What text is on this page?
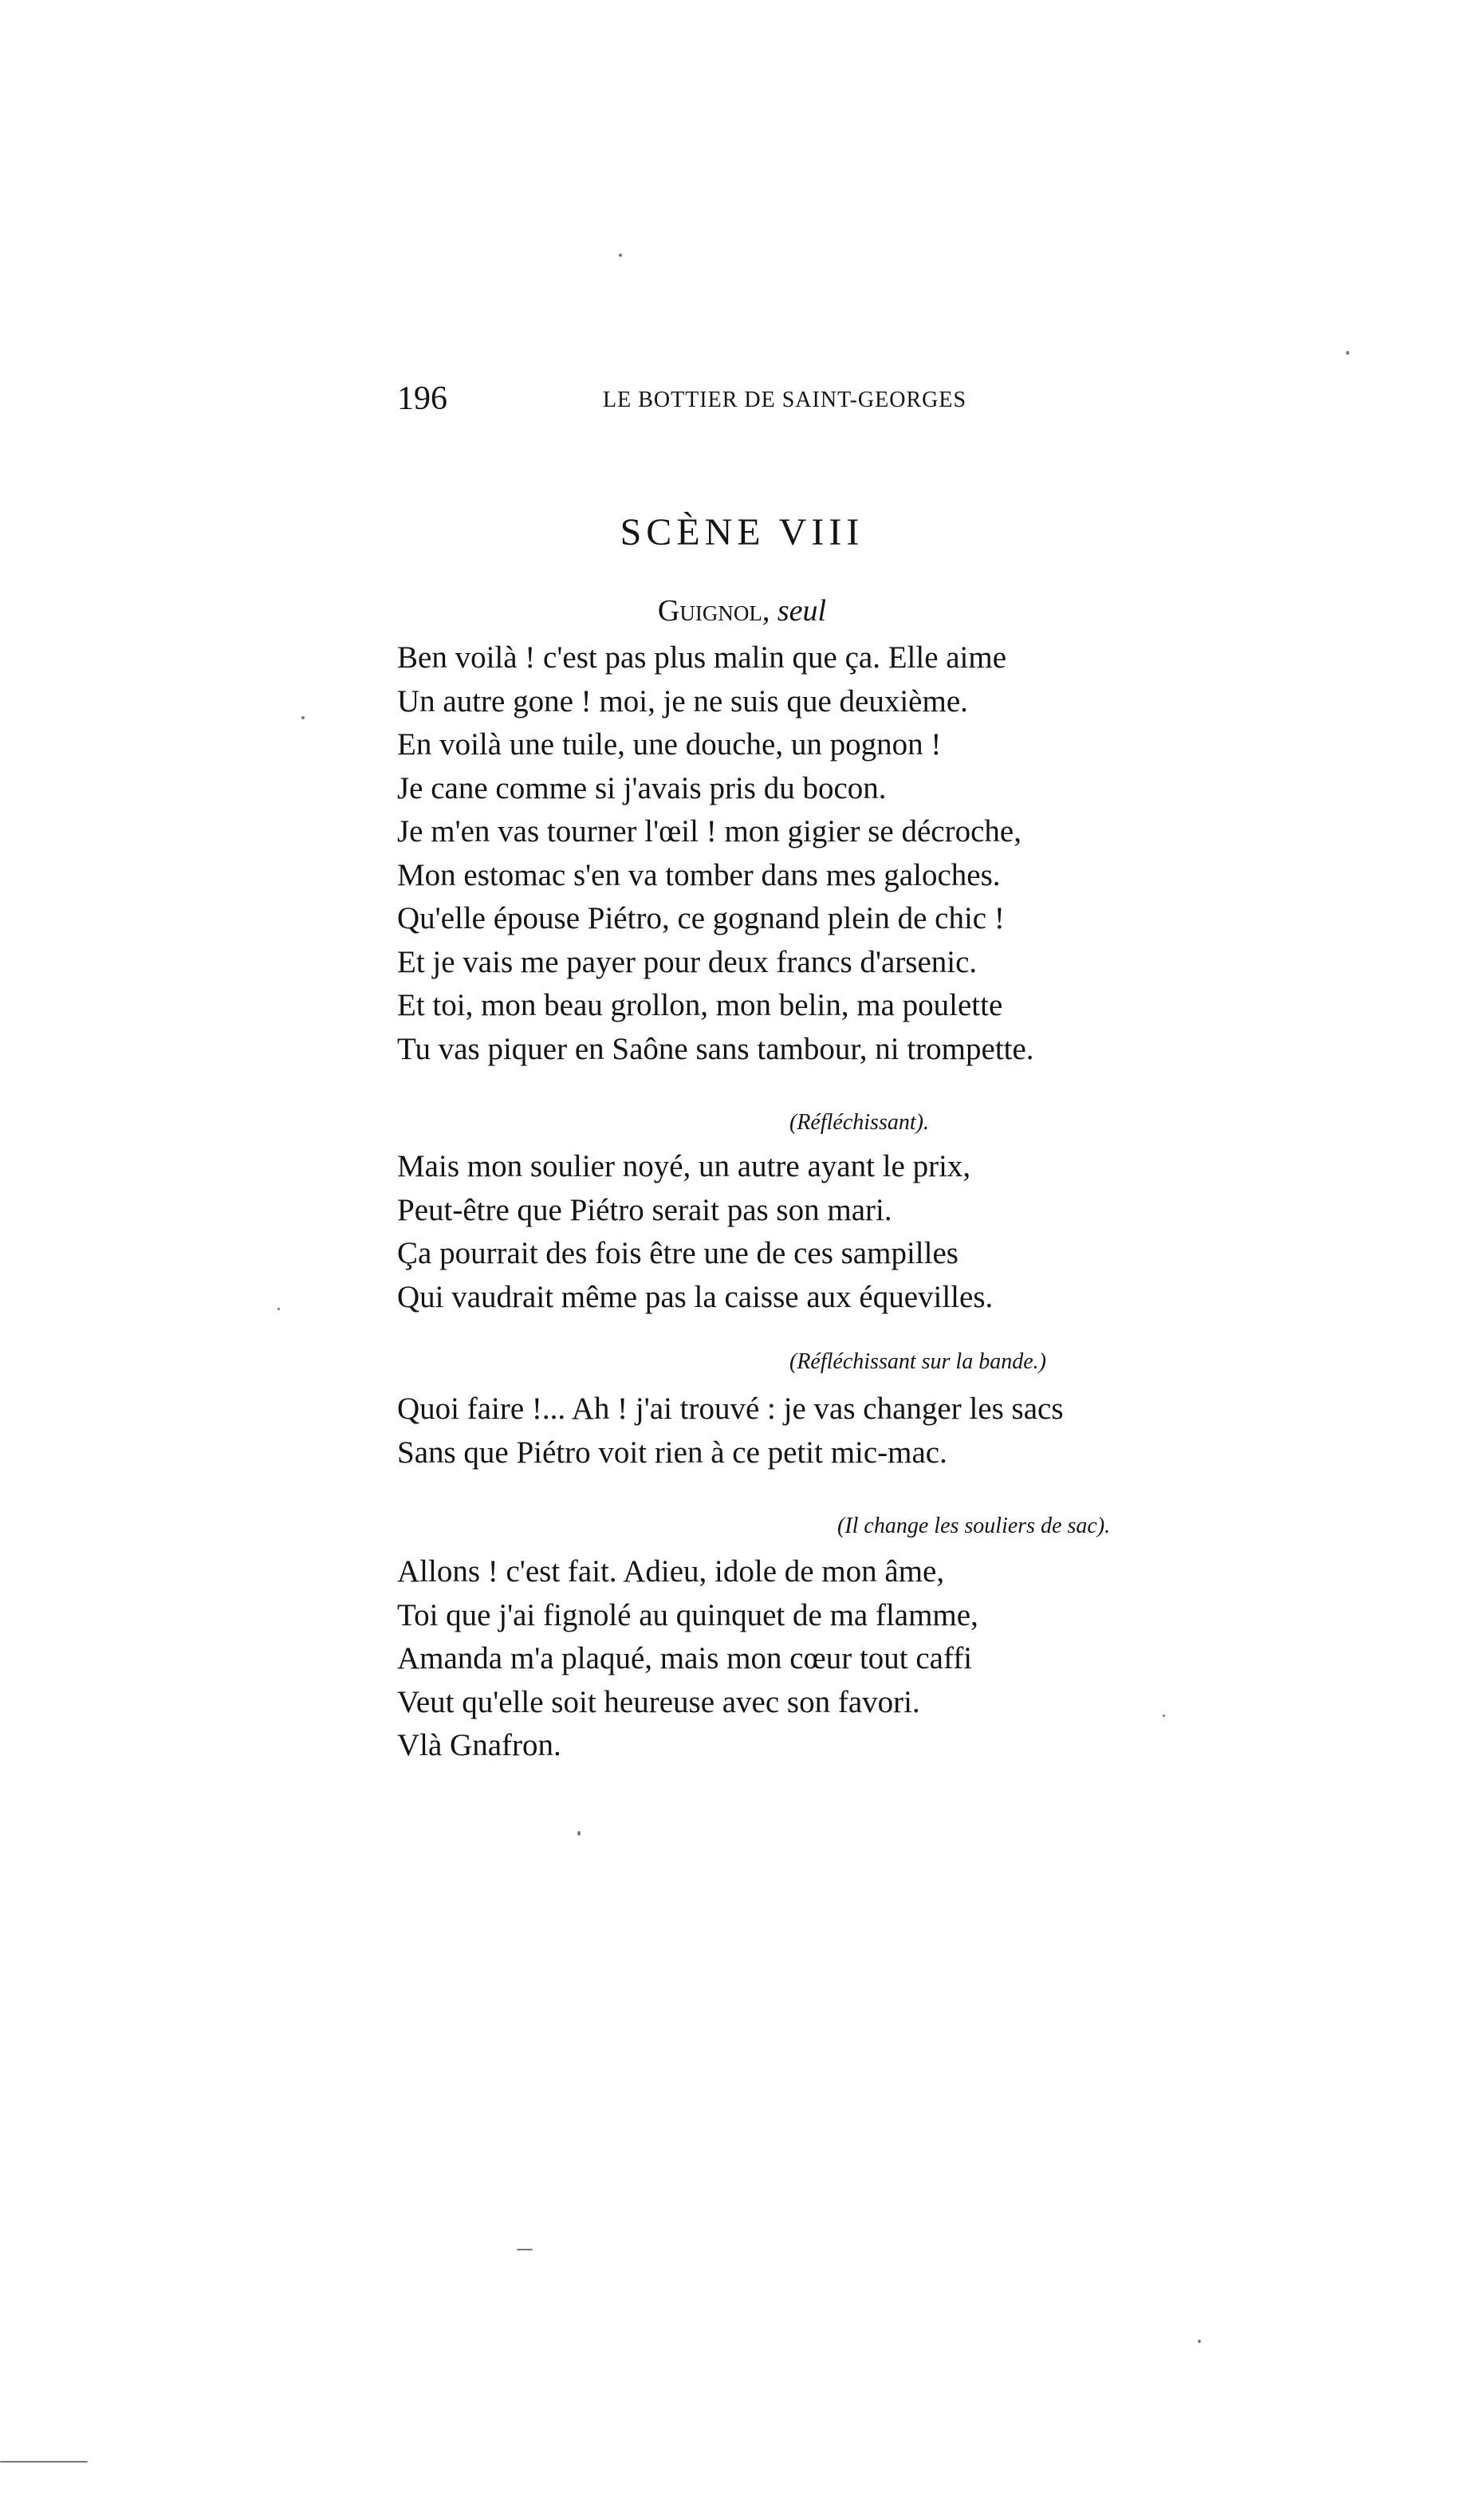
196	LE BOTTIER DE SAINT-GEORGES
SCÈNE VIII
Guignol, seul
Ben voilà ! c'est pas plus malin que ça. Elle aime
Un autre gone ! moi, je ne suis que deuxième.
En voilà une tuile, une douche, un pognon !
Je cane comme si j'avais pris du bocon.
Je m'en vas tourner l'œil ! mon gigier se décroche,
Mon estomac s'en va tomber dans mes galoches.
Qu'elle épouse Piétro, ce gognand plein de chic !
Et je vais me payer pour deux francs d'arsenic.
Et toi, mon beau grollon, mon belin, ma poulette
Tu vas piquer en Saône sans tambour, ni trompette.
(Réfléchissant).
Mais mon soulier noyé, un autre ayant le prix,
Peut-être que Piétro serait pas son mari.
Ça pourrait des fois être une de ces sampilles
Qui vaudrait même pas la caisse aux équevilles.
(Réfléchissant sur la bande.)
Quoi faire !... Ah ! j'ai trouvé : je vas changer les sacs
Sans que Piétro voit rien à ce petit mic-mac.
(Il change les souliers de sac).
Allons ! c'est fait. Adieu, idole de mon âme,
Toi que j'ai fignolé au quinquet de ma flamme,
Amanda m'a plaqué, mais mon cœur tout caffi
Veut qu'elle soit heureuse avec son favori.
Vlà Gnafron.
